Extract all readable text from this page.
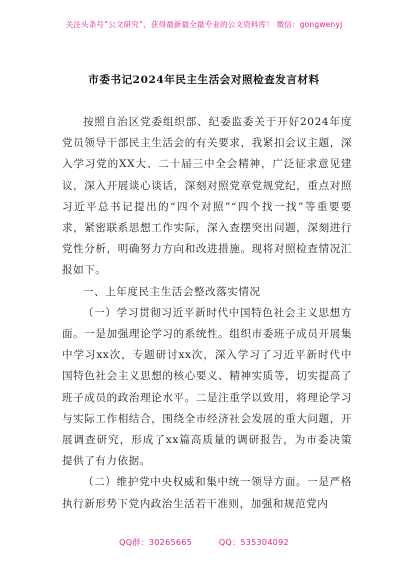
关注头条号“公文研究”，获得最新最全最专业的公文资料库！ 微信：gongwenyj
市委书记2024年民主生活会对照检查发言材料

按照自治区党委组织部、纪委监委关于开好2024年度党员领导干部民主生活会的有关要求，我紧扣会议主题，深入学习党的XX大、二十届三中全会精神，广泛征求意见建议，深入开展谈心谈话，深刻对照党章党规党纪，重点对照习近平总书记提出的“四个对照”“四个找一找”等重要要求，紧密联系思想工作实际，深入查摆突出问题，深刻进行党性分析，明确努力方向和改进措施。现将对照检查情况汇报如下。

一、上年度民主生活会整改落实情况

（一）学习贯彻习近平新时代中国特色社会主义思想方面。一是加强理论学习的系统性。组织市委班子成员开展集中学习xx次，专题研讨xx次，深入学习了习近平新时代中国特色社会主义思想的核心要义、精神实质等，切实提高了班子成员的政治理论水平。二是注重学以致用，将理论学习与实际工作相结合，围绕全市经济社会发展的重大问题，开展调查研究，形成了xx篇高质量的调研报告，为市委决策提供了有力依据。

（二）维护党中央权威和集中统一领导方面。一是严格执行新形势下党内政治生活若干准则，加强和规范党内

QQ群：30265665	QQ：535304092
